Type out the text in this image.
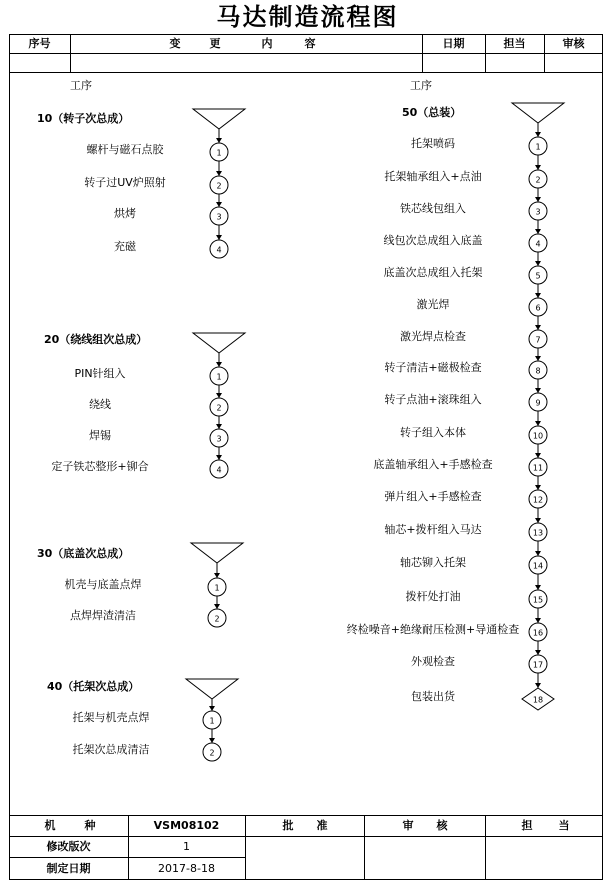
马达制造流程图
序号	变	更	内	容	日期	担当	审核
工序	工序
1
2
3
4
1
2
3
4
1
2
1
2
1
2
3
4
5
6
7
8
9
10
11
12
13
14
15
16
17
18
10（转子次总成）
螺杆与磁石点胶
转子过UV炉照射
烘烤
充磁
20（绕线组次总成）
PIN针组入
绕线
焊锡
定子铁芯整形+铆合
30（底盖次总成）
机壳与底盖点焊
点焊焊渣清洁
40（托架次总成）
托架与机壳点焊
托架次总成清洁
50（总装）
托架喷码
托架轴承组入+点油
铁芯线包组入
线包次总成组入底盖
底盖次总成组入托架
激光焊
激光焊点检查
转子清洁+磁极检查
转子点油+滚珠组入
转子组入本体
底盖轴承组入+手感检查
弹片组入+手感检查
轴芯+拨杆组入马达
轴芯铆入托架
拨杆处打油
终检噪音+绝缘耐压检测+导通检查
外观检查
包装出货
机	种	VSM08102	批	准	审	核	担	当
修改版次	1
制定日期	2017-8-18
